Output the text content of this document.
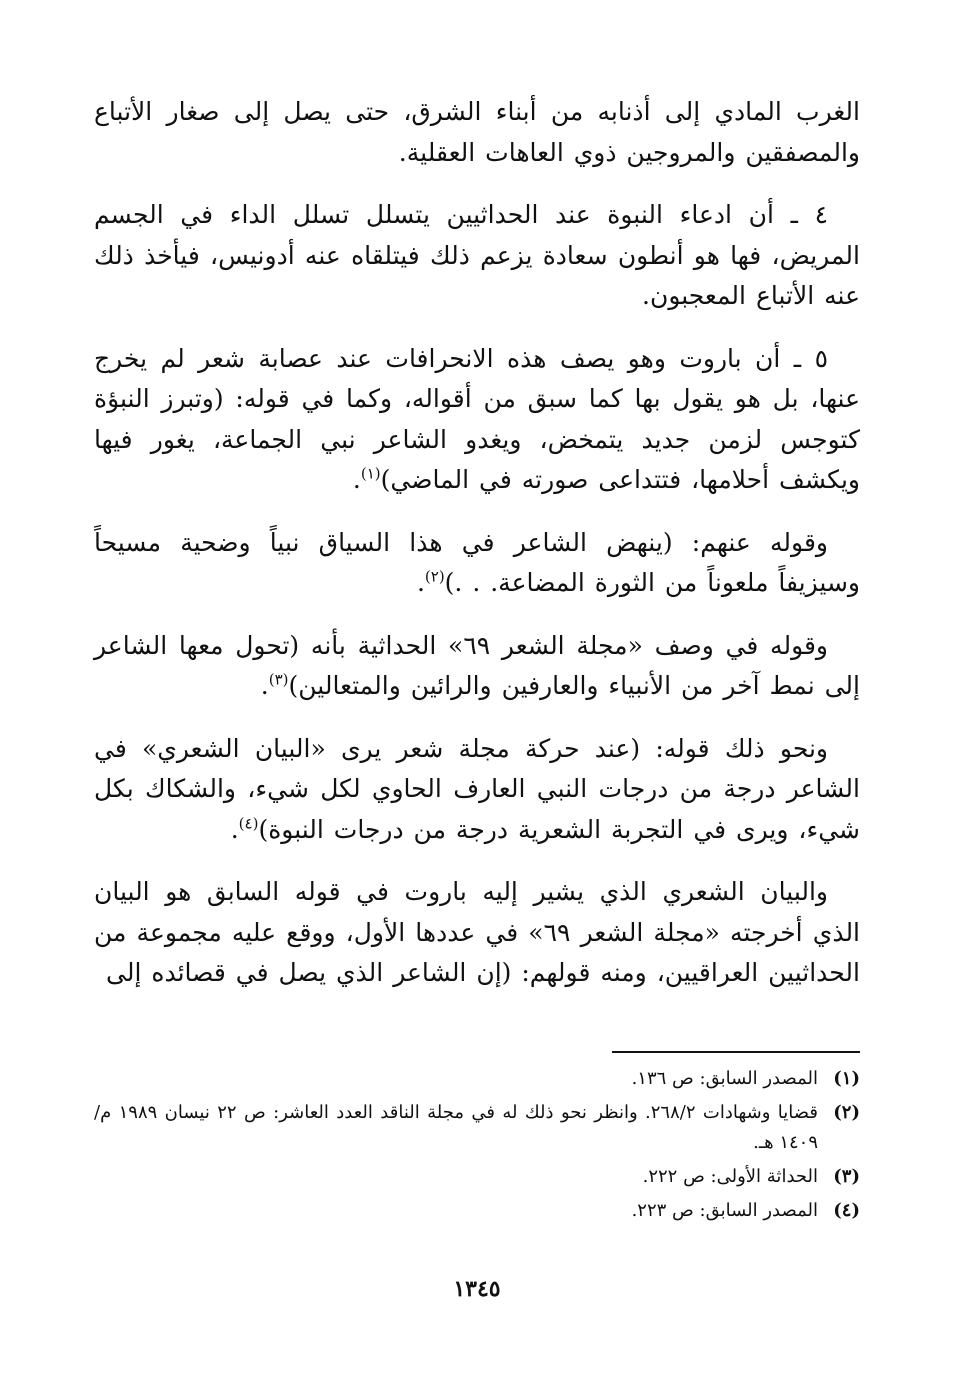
الغرب المادي إلى أذنابه من أبناء الشرق، حتى يصل إلى صغار الأتباع والمصفقين والمروجين ذوي العاهات العقلية.

٤ ـ أن ادعاء النبوة عند الحداثيين يتسلل تسلل الداء في الجسم المريض، فها هو أنطون سعادة يزعم ذلك فيتلقاه عنه أدونيس، فيأخذ ذلك عنه الأتباع المعجبون.

٥ ـ أن باروت وهو يصف هذه الانحرافات عند عصابة شعر لم يخرج عنها، بل هو يقول بها كما سبق من أقواله، وكما في قوله: (وتبرز النبؤة كتوجس لزمن جديد يتمخض، ويغدو الشاعر نبي الجماعة، يغور فيها ويكشف أحلامها، فتتداعى صورته في الماضي)$^{(١)}$.

وقوله عنهم: (ينهض الشاعر في هذا السياق نبياً وضحية مسيحاً وسيزيفاً ملعوناً من الثورة المضاعة. . .)$^{(٢)}$.

وقوله في وصف «مجلة الشعر ٦٩» الحداثية بأنه (تحول معها الشاعر إلى نمط آخر من الأنبياء والعارفين والرائين والمتعالين)$^{(٣)}$.

ونحو ذلك قوله: (عند حركة مجلة شعر يرى «البيان الشعري» في الشاعر درجة من درجات النبي العارف الحاوي لكل شيء، والشكاك بكل شيء، ويرى في التجربة الشعرية درجة من درجات النبوة)$^{(٤)}$.

والبيان الشعري الذي يشير إليه باروت في قوله السابق هو البيان الذي أخرجته «مجلة الشعر ٦٩» في عددها الأول، ووقع عليه مجموعة من الحداثيين العراقيين، ومنه قولهم: (إن الشاعر الذي يصل في قصائده إلى

(١)
المصدر السابق: ص ١٣٦.
(٢)
قضايا وشهادات ٢٦٨/٢. وانظر نحو ذلك له في مجلة الناقد العدد العاشر: ص ٢٢ نيسان ١٩٨٩ م/١٤٠٩ هـ.
(٣)
الحداثة الأولى: ص ٢٢٢.
(٤)
المصدر السابق: ص ٢٢٣.
١٣٤٥
